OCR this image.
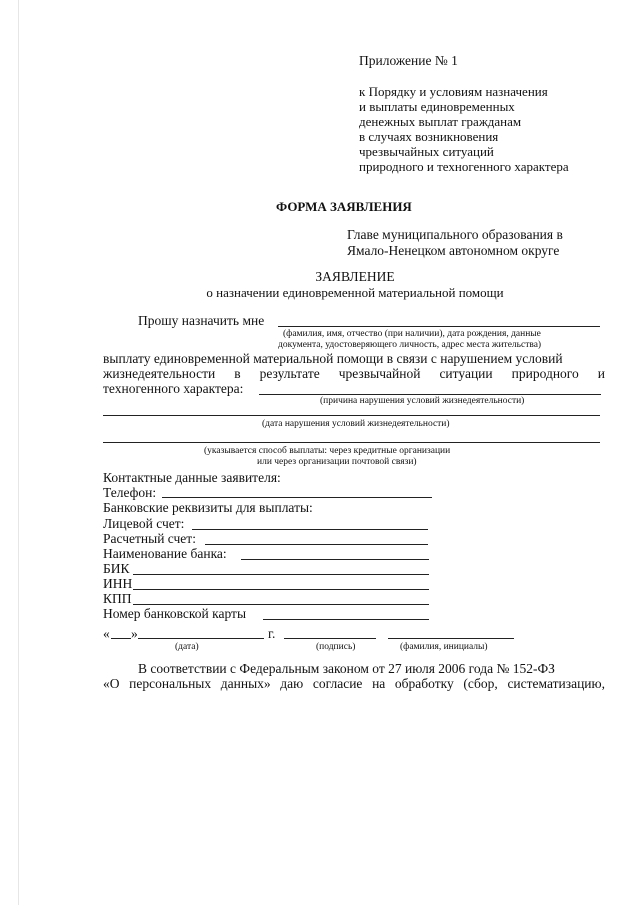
Приложение № 1
к Порядку и условиям назначения
и выплаты единовременных
денежных выплат гражданам
в случаях возникновения
чрезвычайных ситуаций
природного и техногенного характера
ФОРМА ЗАЯВЛЕНИЯ
Главе муниципального образования в
Ямало-Ненецком автономном округе
ЗАЯВЛЕНИЕ
о назначении единовременной материальной помощи
Прошу назначить мне
(фамилия, имя, отчество (при наличии), дата рождения, данные
документа, удостоверяющего личность, адрес места жительства)
выплату единовременной материальной помощи в связи с нарушением условий
жизнедеятельности в результате чрезвычайной ситуации природного и
техногенного характера:
(причина нарушения условий жизнедеятельности)
(дата нарушения условий жизнедеятельности)
(указывается способ выплаты: через кредитные организации
или через организации почтовой связи)
Контактные данные заявителя:
Телефон:
Банковские реквизиты для выплаты:
Лицевой счет:
Расчетный счет:
Наименование банка:
БИК
ИНН
КПП
Номер банковской карты
« »	г.
(дата)	(подпись)	(фамилия, инициалы)
В соответствии с Федеральным законом от 27 июля 2006 года № 152-ФЗ
«О персональных данных» даю согласие на обработку (сбор, систематизацию,
